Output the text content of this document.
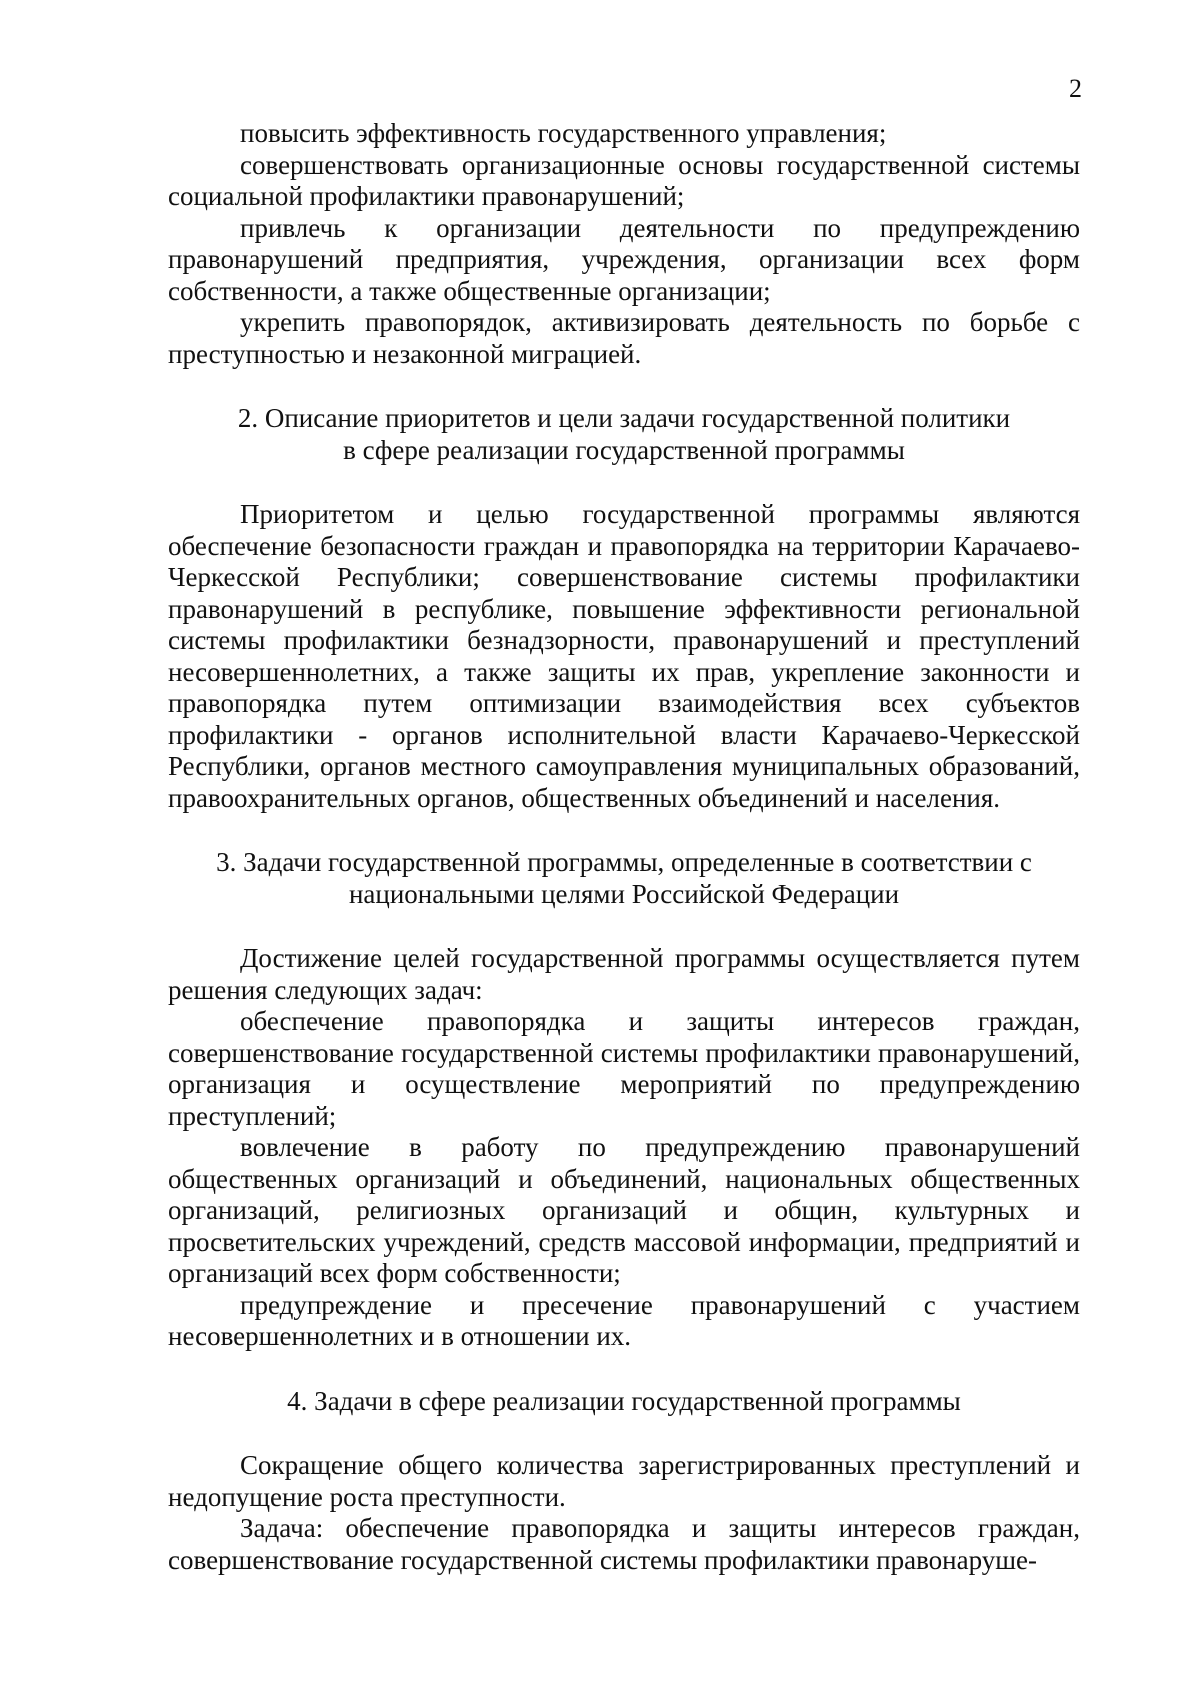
2

повысить эффективность государственного управления;

совершенствовать организационные основы государственной системы социальной профилактики правонарушений;

привлечь к организации деятельности по предупреждению правонарушений предприятия, учреждения, организации всех форм собственности, а также общественные организации;

укрепить правопорядок, активизировать деятельность по борьбе с преступностью и незаконной миграцией.

2. Описание приоритетов и цели задачи государственной политики
в сфере реализации государственной программы

Приоритетом и целью государственной программы являются обеспечение безопасности граждан и правопорядка на территории Карачаево-Черкесской Республики; совершенствование системы профилактики правонарушений в республике, повышение эффективности региональной системы профилактики безнадзорности, правонарушений и преступлений несовершеннолетних, а также защиты их прав, укрепление законности и правопорядка путем оптимизации взаимодействия всех субъектов профилактики - органов исполнительной власти Карачаево-Черкесской Республики, органов местного самоуправления муниципальных образований, правоохранительных органов, общественных объединений и населения.

3. Задачи государственной программы, определенные в соответствии с
национальными целями Российской Федерации

Достижение целей государственной программы осуществляется путем решения следующих задач:

обеспечение правопорядка и защиты интересов граждан, совершенствование государственной системы профилактики правонарушений, организация и осуществление мероприятий по предупреждению преступлений;

вовлечение в работу по предупреждению правонарушений общественных организаций и объединений, национальных общественных организаций, религиозных организаций и общин, культурных и просветительских учреждений, средств массовой информации, предприятий и организаций всех форм собственности;

предупреждение и пресечение правонарушений с участием несовершеннолетних и в отношении их.

4. Задачи в сфере реализации государственной программы

Сокращение общего количества зарегистрированных преступлений и недопущение роста преступности.

Задача: обеспечение правопорядка и защиты интересов граждан, совершенствование государственной системы профилактики правонаруше-
